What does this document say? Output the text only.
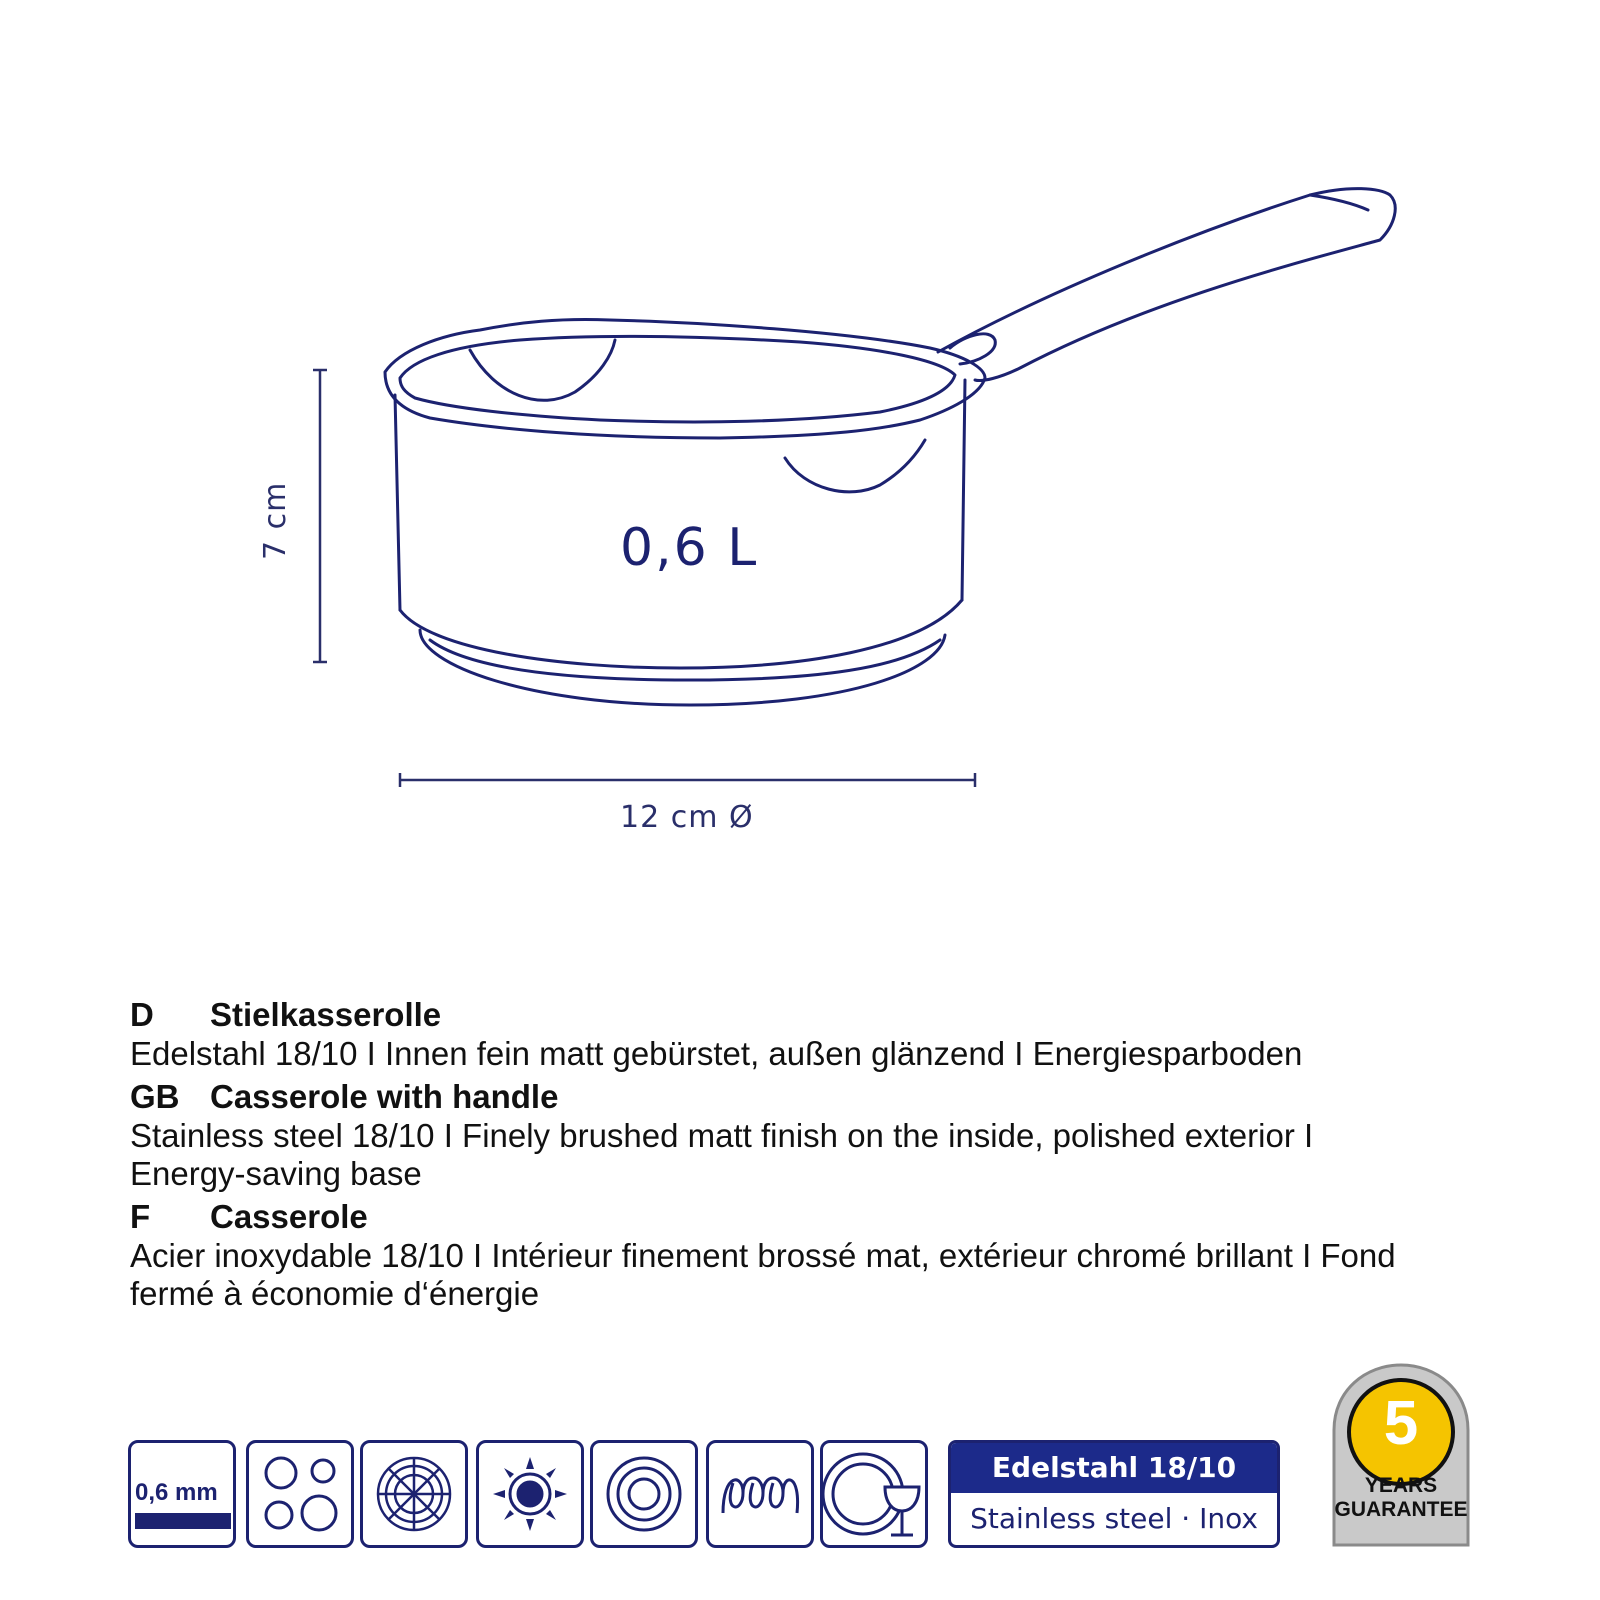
0,6 L
7 cm
12 cm Ø
D Stielkasserolle
Edelstahl 18/10 I Innen fein matt gebürstet, außen glänzend I Energiesparboden
GB Casserole with handle
Stainless steel 18/10 I Finely brushed matt finish on the inside, polished exterior I Energy-saving base
F Casserole
Acier inoxydable 18/10 I Intérieur finement brossé mat, extérieur chromé brillant I Fond fermé à économie d‘énergie
0,6 mm
Edelstahl 18/10
Stainless steel · Inox
5
YEARS
GUARANTEE
